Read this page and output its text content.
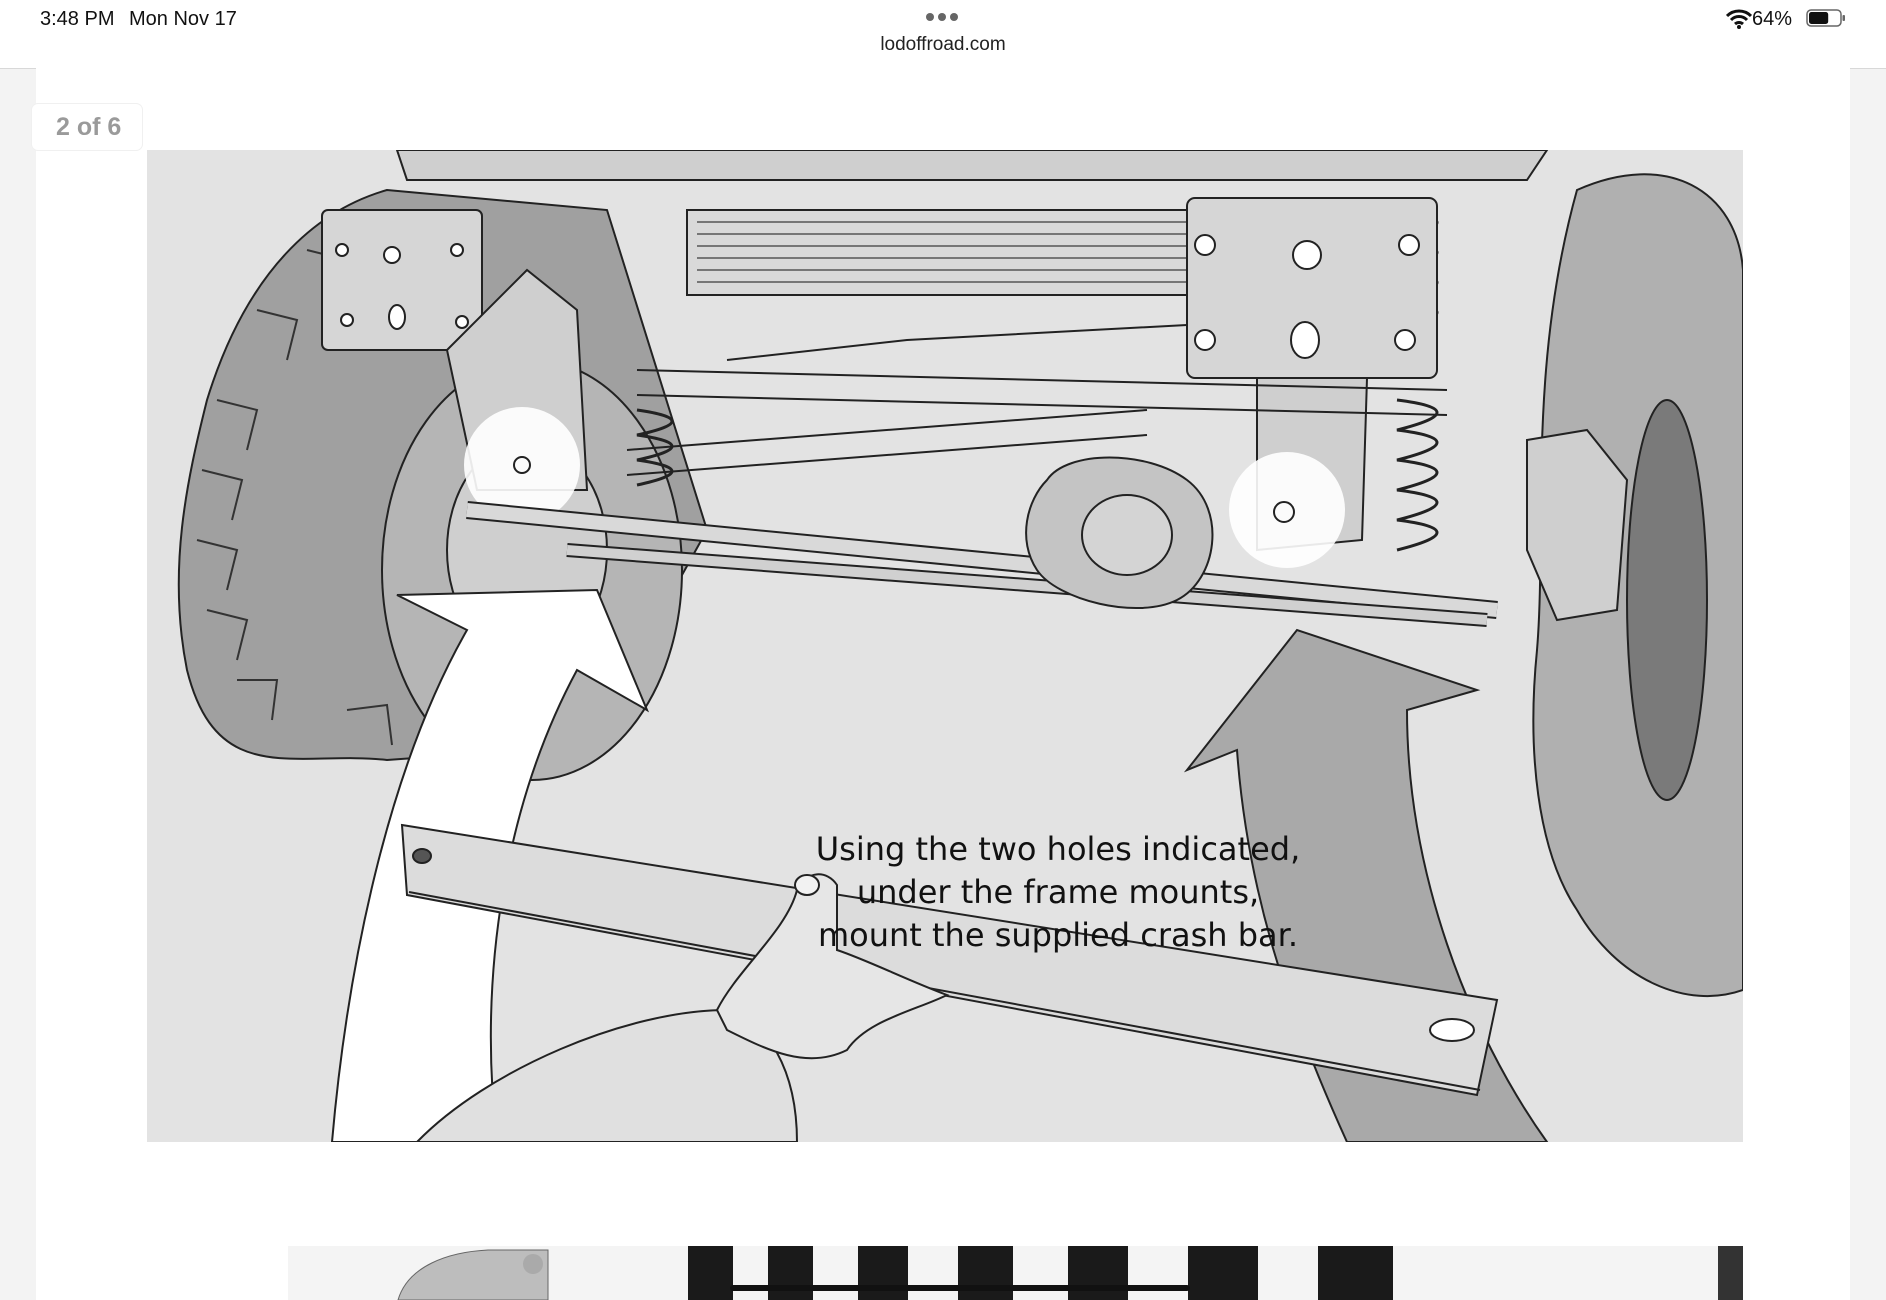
3:48 PM Mon Nov 17
lodoffroad.com
64%
2 of 6
Using the two holes indicated,
under the frame mounts,
mount the supplied crash bar.
